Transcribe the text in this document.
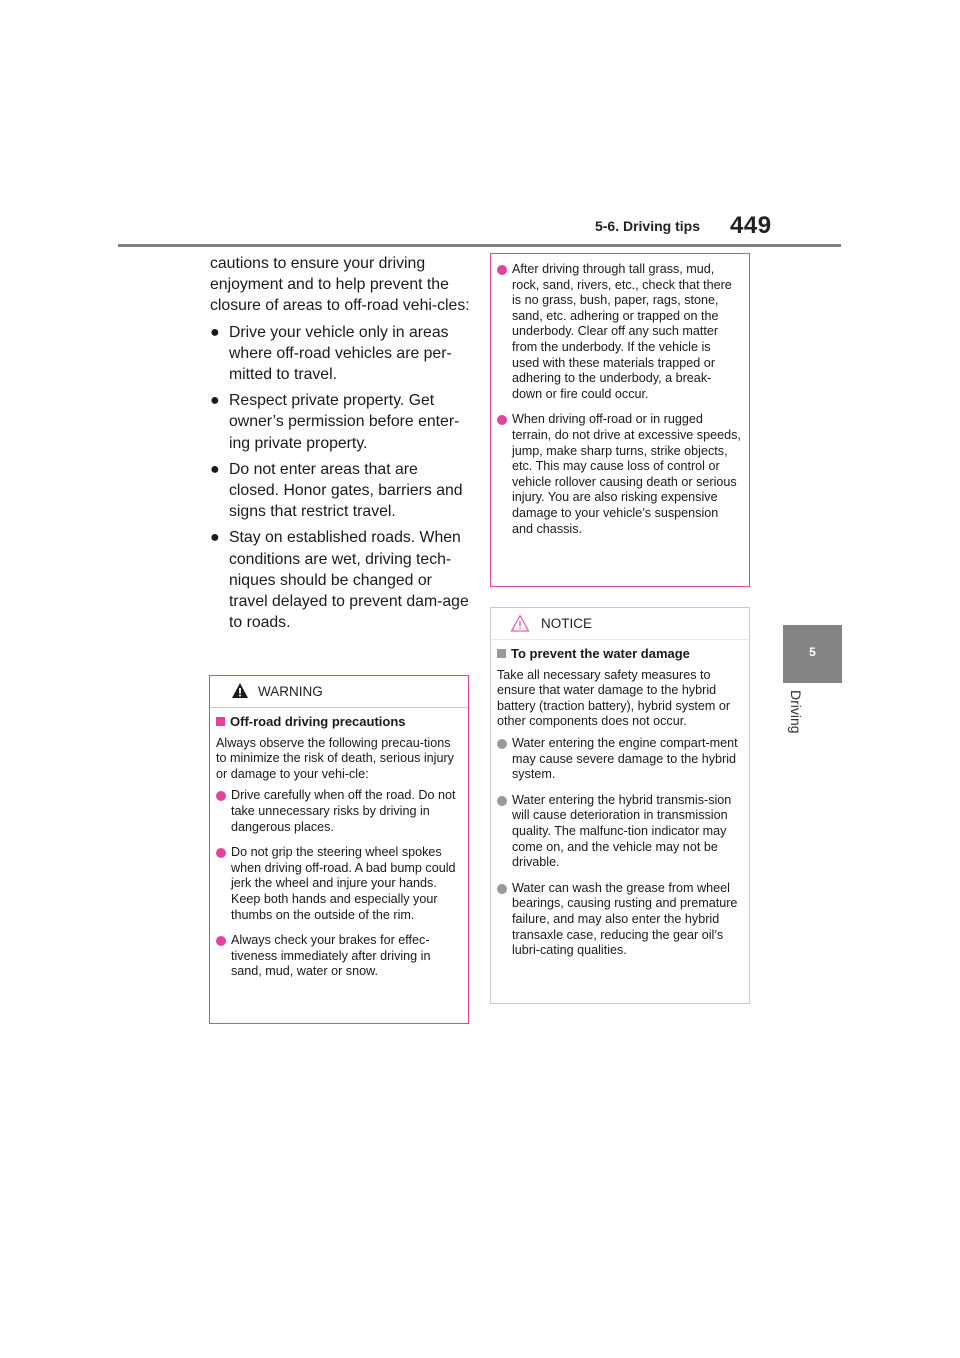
5-6. Driving tips 449
5
Driving

cautions to ensure your driving enjoyment and to help prevent the closure of areas to off-road vehi-cles:

● Drive your vehicle only in areas where off-road vehicles are per-mitted to travel.
● Respect private property. Get owner’s permission before enter-ing private property.
● Do not enter areas that are closed. Honor gates, barriers and signs that restrict travel.
● Stay on established roads. When conditions are wet, driving tech-niques should be changed or travel delayed to prevent dam-age to roads.
WARNING
Off-road driving precautions

Always observe the following precau-tions to minimize the risk of death, serious injury or damage to your vehi-cle:

Drive carefully when off the road. Do not take unnecessary risks by driving in dangerous places.
Do not grip the steering wheel spokes when driving off-road. A bad bump could jerk the wheel and injure your hands. Keep both hands and especially your thumbs on the outside of the rim.
Always check your brakes for effec-tiveness immediately after driving in sand, mud, water or snow.
After driving through tall grass, mud, rock, sand, rivers, etc., check that there is no grass, bush, paper, rags, stone, sand, etc. adhering or trapped on the underbody. Clear off any such matter from the underbody. If the vehicle is used with these materials trapped or adhering to the underbody, a break-down or fire could occur.
When driving off-road or in rugged terrain, do not drive at excessive speeds, jump, make sharp turns, strike objects, etc. This may cause loss of control or vehicle rollover causing death or serious injury. You are also risking expensive damage to your vehicle’s suspension and chassis.
NOTICE
To prevent the water damage

Take all necessary safety measures to ensure that water damage to the hybrid battery (traction battery), hybrid system or other components does not occur.

Water entering the engine compart-ment may cause severe damage to the hybrid system.
Water entering the hybrid transmis-sion will cause deterioration in transmission quality. The malfunc-tion indicator may come on, and the vehicle may not be drivable.
Water can wash the grease from wheel bearings, causing rusting and premature failure, and may also enter the hybrid transaxle case, reducing the gear oil’s lubri-cating qualities.
